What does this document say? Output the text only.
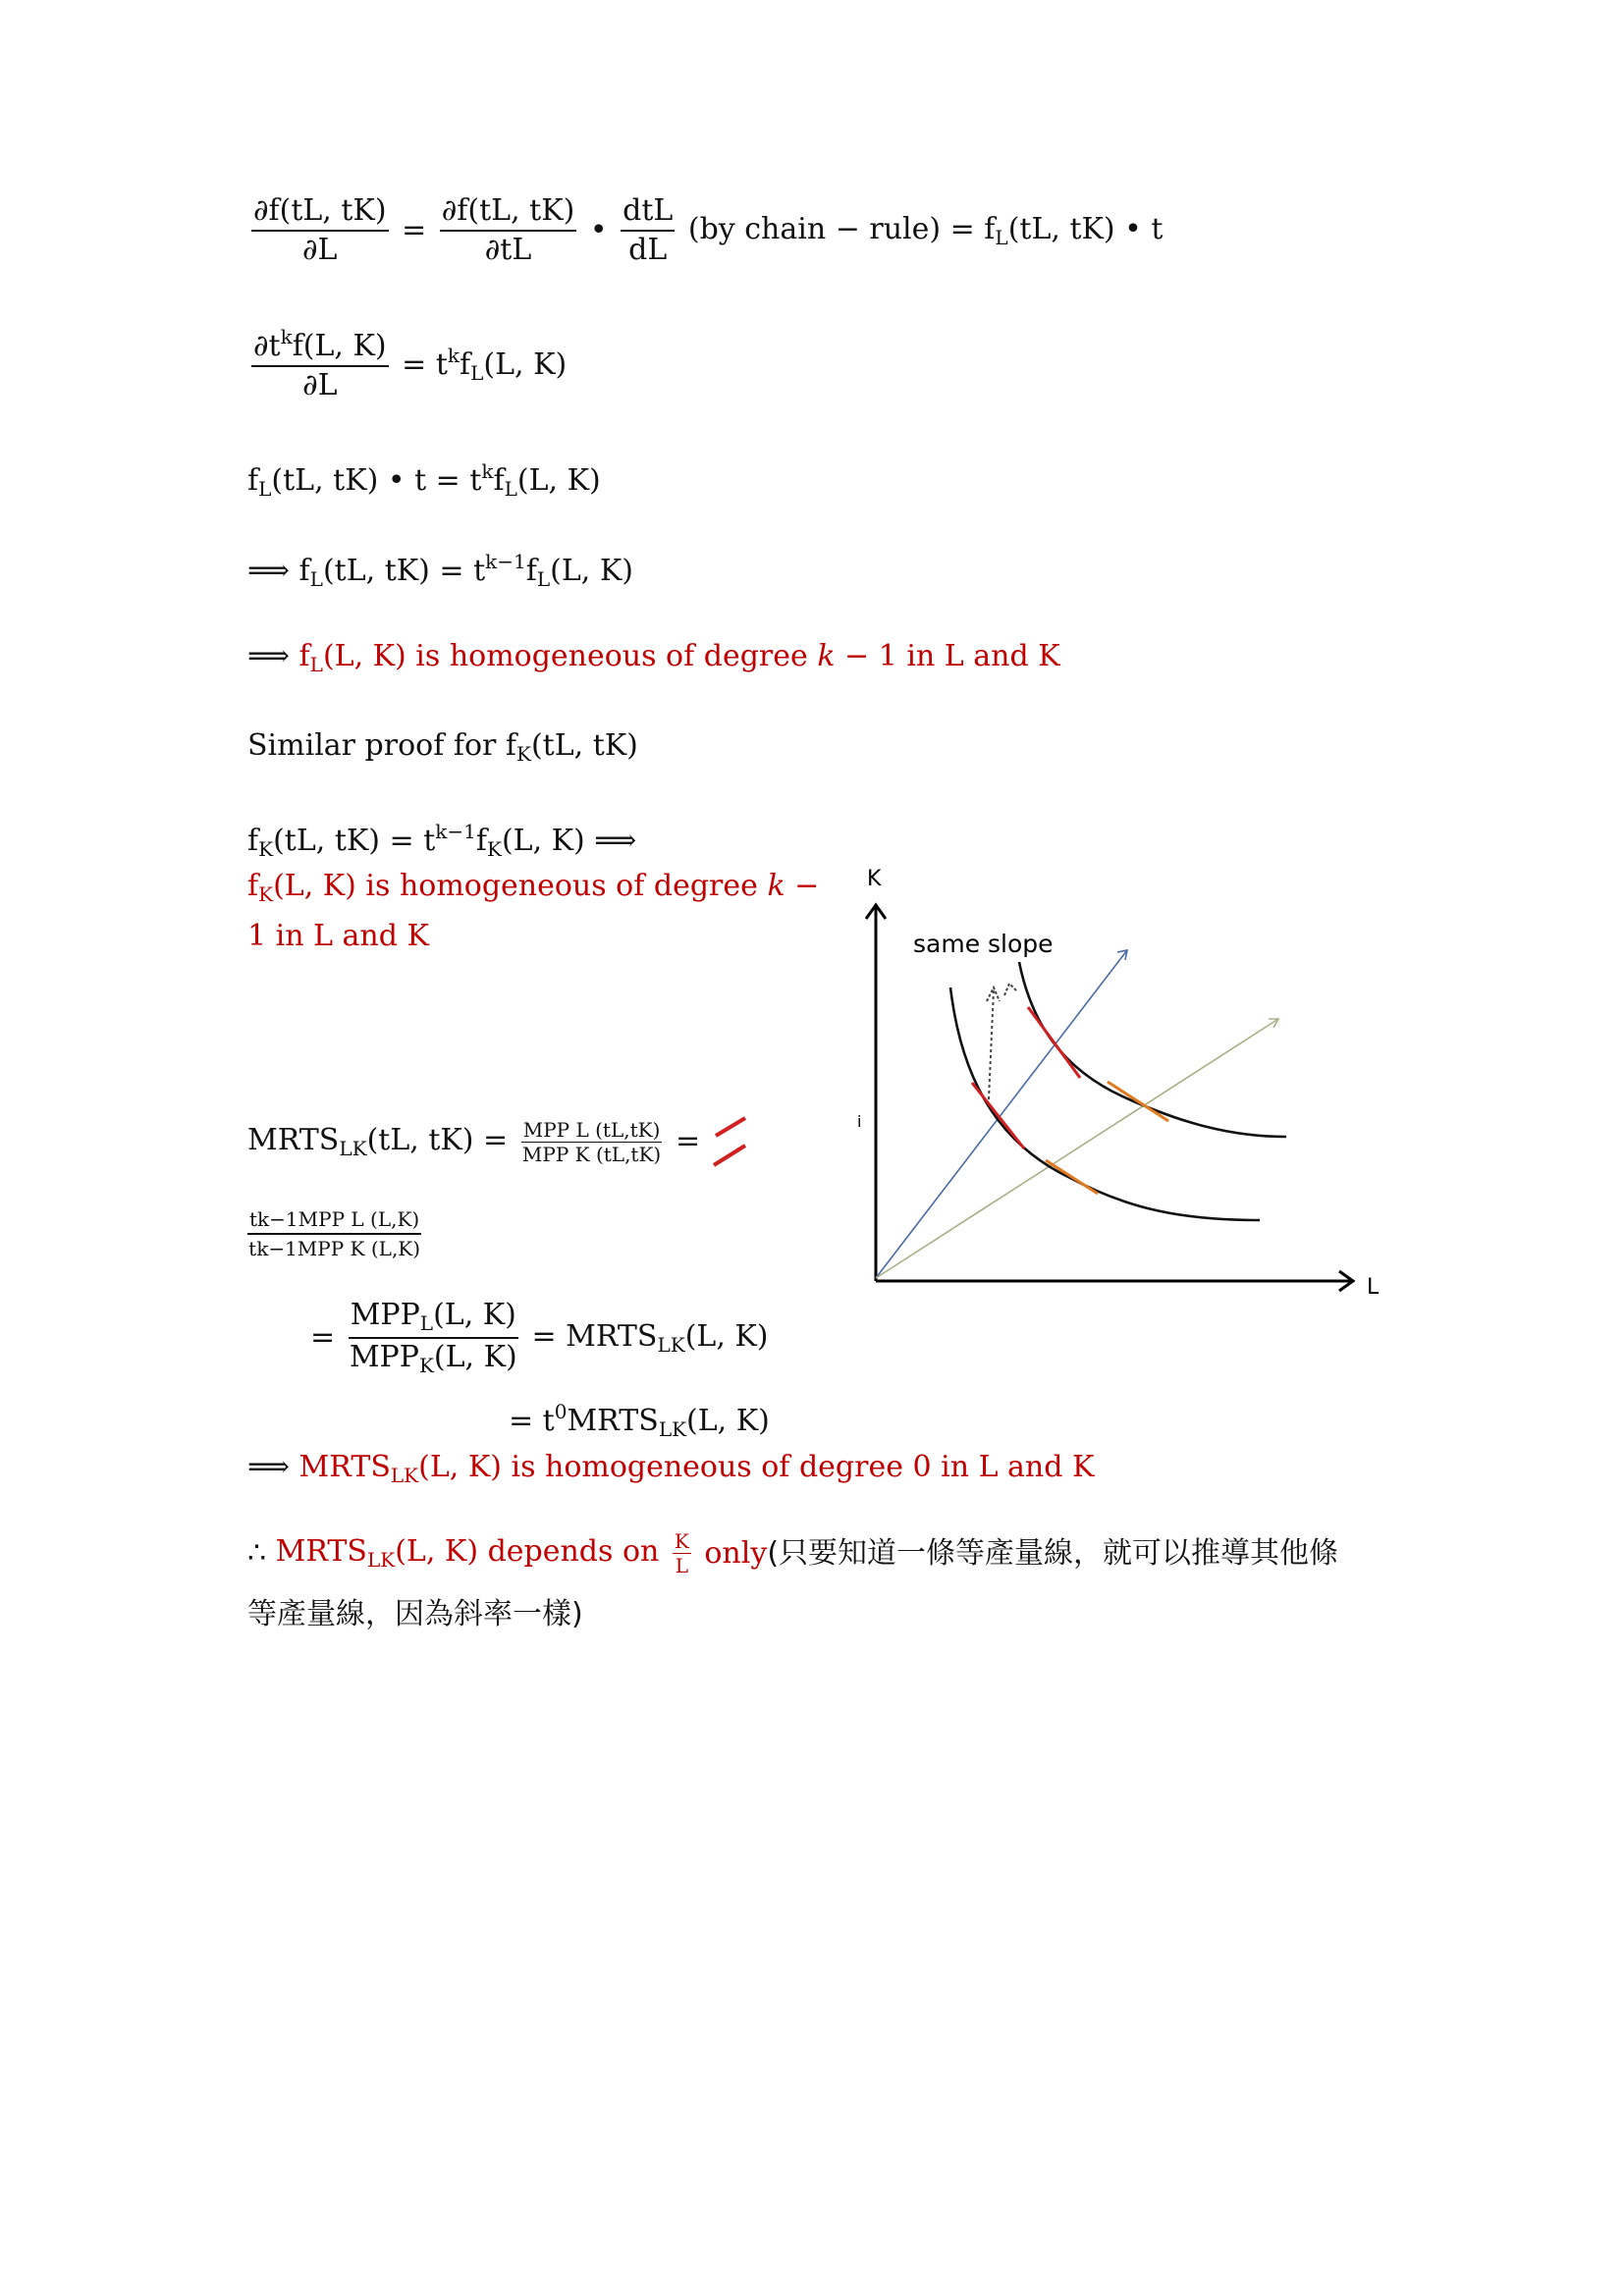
$\frac{\partial f(tL, tK)}{\partial L} = \frac{\partial f(tL, tK)}{\partial tL}$ • $\frac{\text{dtL}}{dL} (by$ chain − rule) = $f_L(tL$, tK) • t
$\frac{\partial t^kf(L, K)}{\partial L} = t^kf_L(L$, K)
$f_L(tL$, tK) • $t = t^kf_L(L$, K)
⟹ $f_L(tL$, $tK) = t^{k-1}f_L(L$, K)
⟹ $f_L(L$, K) is homogeneous of degree k − 1 in L and K
Similar proof for $f_K(tL$, tK)
$f_K(tL$, $tK) = t^{k-1}f_K(L$, K) ⟹
$f_K(L$, K) is homogeneous of degree k −
1 in L and K
$MRTS_{LK}(tL$, $tK) = \frac{\text{MPP L (tL,tK)}}{\text{MPP K (tL,tK)}}$ =
$\frac{\text{tk−1MPP L (L,K)}}{\text{tk−1MPP K (L,K)}}$
= $\frac{MPP_L(L, K)}{MPP_K(L, K)}$ = $MRTS_{LK}(L$, K)
= $t^0MRTS_{LK}(L$, K)
⟹ $MRTS_{LK}(L$, K) is homogeneous of degree 0 in L and K
∴ $MRTS_{LK}(L$, K) depends on $\frac{K}{L}$ only(只要知道一條等產量線，就可以推導其他條
等產量線，因為斜率一樣)
K
L
i
same slope
